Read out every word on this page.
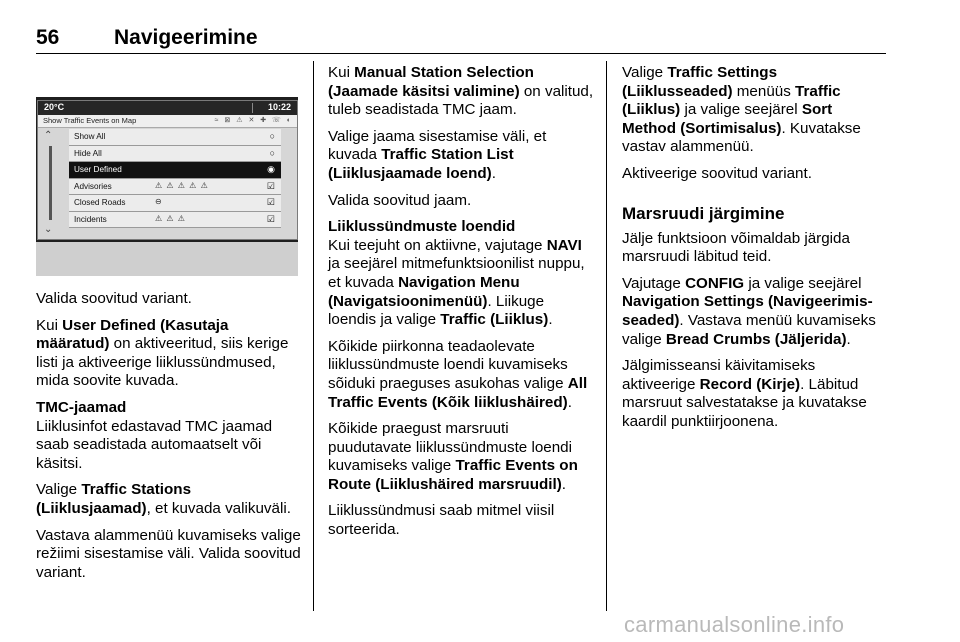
56	Navigeerimine
20°C	10:22
Show Traffic Events on Map	≈ ⊠ ⚠ ✕ ✚ ☏ ◐
⌃
⌄
Show All	○
Hide All	○
User Defined	◉
Advisories	⚠ ⚠ ⚠ ⚠ ⚠	☑
Closed Roads	⊖	☑
Incidents	⚠ ⚠ ⚠	☑

Valida soovitud variant.

Kui User Defined (Kasutaja määratud) on aktiveeritud, siis kerige listi ja aktiveerige liiklussündmused, mida soovite kuvada.

TMC-jaamad

Liiklusinfot edastavad TMC jaamad saab seadistada automaatselt või käsitsi.

Valige Traffic Stations (Liiklusjaamad), et kuvada valikuväli.

Vastava alammenüü kuvamiseks valige režiimi sisestamise väli. Valida soovitud variant.

Kui Manual Station Selection (Jaamade käsitsi valimine) on valitud, tuleb seadistada TMC jaam.

Valige jaama sisestamise väli, et kuvada Traffic Station List (Liiklusjaamade loend).

Valida soovitud jaam.

Liiklussündmuste loendid

Kui teejuht on aktiivne, vajutage NAVI ja seejärel mitmefunktsioonilist nuppu, et kuvada Navigation Menu (Navigatsioonimenüü). Liikuge loendis ja valige Traffic (Liiklus).

Kõikide piirkonna teadaolevate liiklussündmuste loendi kuvamiseks sõiduki praeguses asukohas valige All Traffic Events (Kõik liiklushäired).

Kõikide praegust marsruuti puudutavate liiklussündmuste loendi kuvamiseks valige Traffic Events on Route (Liiklushäired marsruudil).

Liiklussündmusi saab mitmel viisil sorteerida.

Valige Traffic Settings (Liiklusseaded) menüüs Traffic (Liiklus) ja valige seejärel Sort Method (Sortimisalus). Kuvatakse vastav alammenüü.

Aktiveerige soovitud variant.

Marsruudi järgimine

Jälje funktsioon võimaldab järgida marsruudi läbitud teid.

Vajutage CONFIG ja valige seejärel Navigation Settings (Navigeerimis-seaded). Vastava menüü kuvamiseks valige Bread Crumbs (Jäljerida).

Jälgimisseansi käivitamiseks aktiveerige Record (Kirje). Läbitud marsruut salvestatakse ja kuvatakse kaardil punktiirjoonena.

carmanualsonline.info
